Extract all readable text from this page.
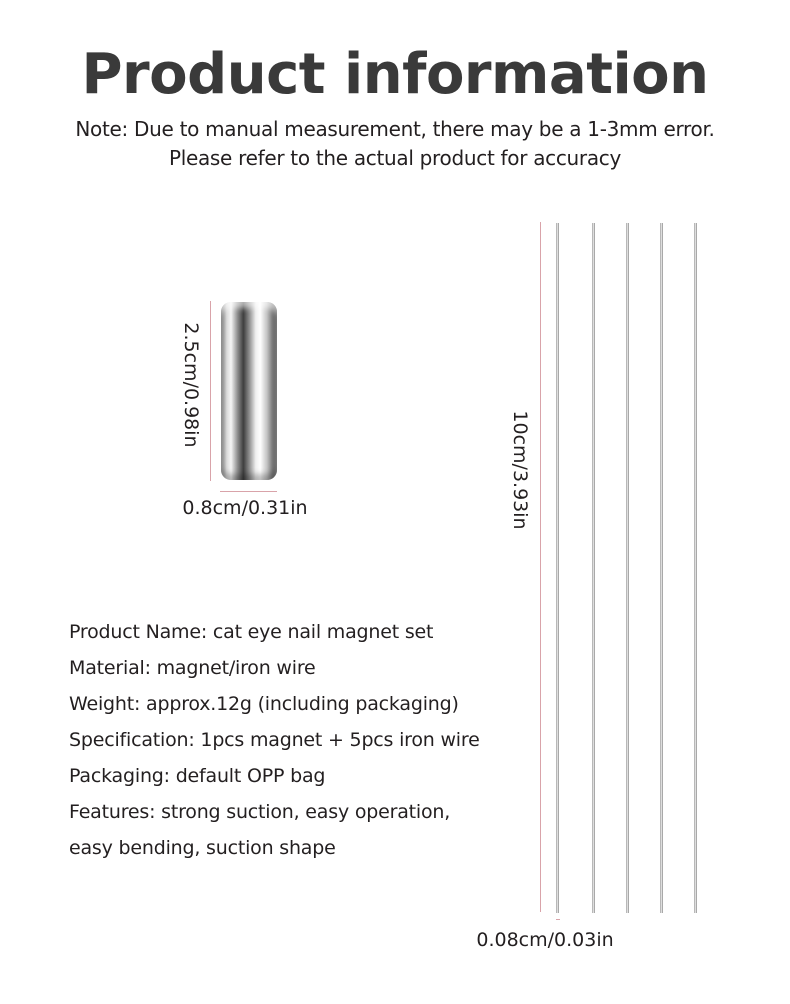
Product information
Note: Due to manual measurement, there may be a 1-3mm error.
Please refer to the actual product for accuracy
2.5cm/0.98in
0.8cm/0.31in	10cm/3.93in
0.08cm/0.03in
Product Name: cat eye nail magnet set
Material: magnet/iron wire
Weight: approx.12g (including packaging)
Specification: 1pcs magnet + 5pcs iron wire
Packaging: default OPP bag
Features: strong suction, easy operation,
easy bending, suction shape
